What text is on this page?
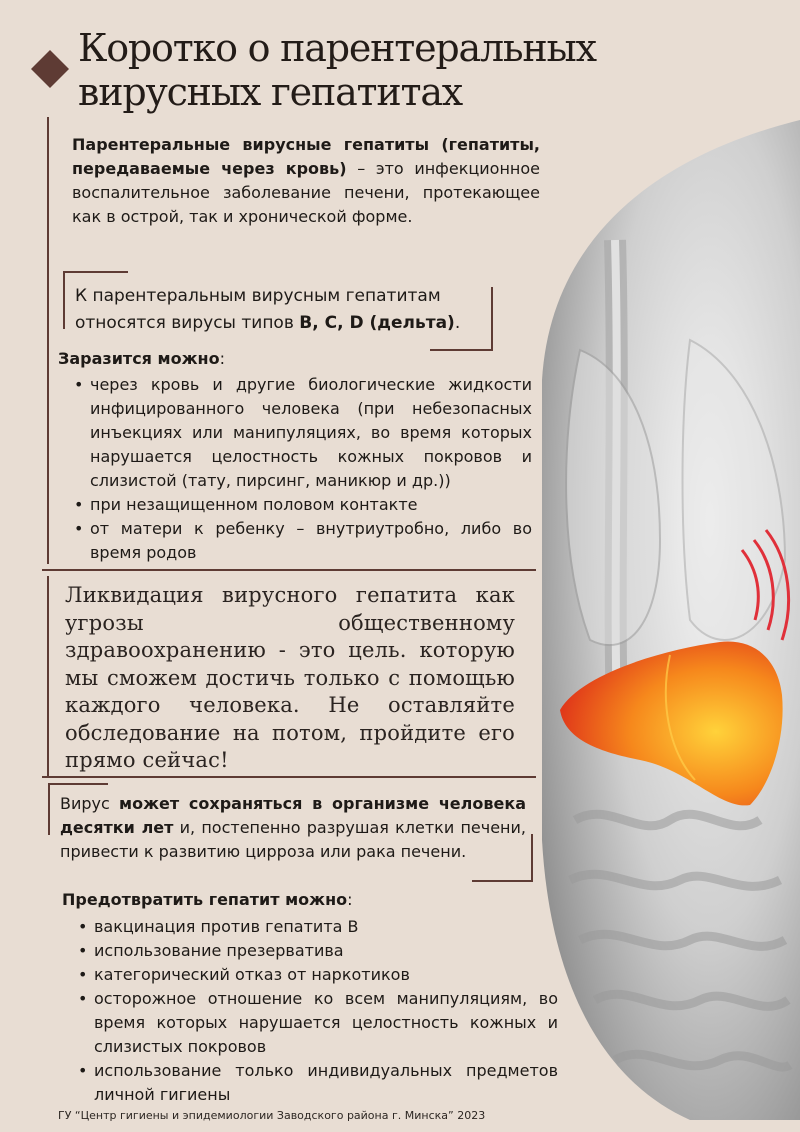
Коротко о парентеральных вирусных гепатитах

Парентеральные вирусные гепатиты (гепатиты, передаваемые через кровь) – это инфекционное воспалительное заболевание печени, протекающее как в острой, так и хронической форме.

К парентеральным вирусным гепатитам относятся вирусы типов B, C, D (дельта).

Заразится можно:

• через кровь и другие биологические жидкости инфицированного человека (при небезопасных инъекциях или манипуляциях, во время которых нарушается целостность кожных покровов и слизистой (тату, пирсинг, маникюр и др.))
• при незащищенном половом контакте
• от матери к ребенку – внутриутробно, либо во время родов

Ликвидация вирусного гепатита как угрозы общественному здравоохранению - это цель. которую мы сможем достичь только с помощью каждого человека. Не оставляйте обследование на потом, пройдите его прямо сейчас!

Вирус может сохраняться в организме человека десятки лет и, постепенно разрушая клетки печени, привести к развитию цирроза или рака печени.

Предотвратить гепатит можно:

• вакцинация против гепатита В
• использование презерватива
• категорический отказ от наркотиков
• осторожное отношение ко всем манипуляциям, во время которых нарушается целостность кожных и слизистых покровов
• использование только индивидуальных предметов личной гигиены

ГУ “Центр гигиены и эпидемиологии Заводского района г. Минска” 2023
